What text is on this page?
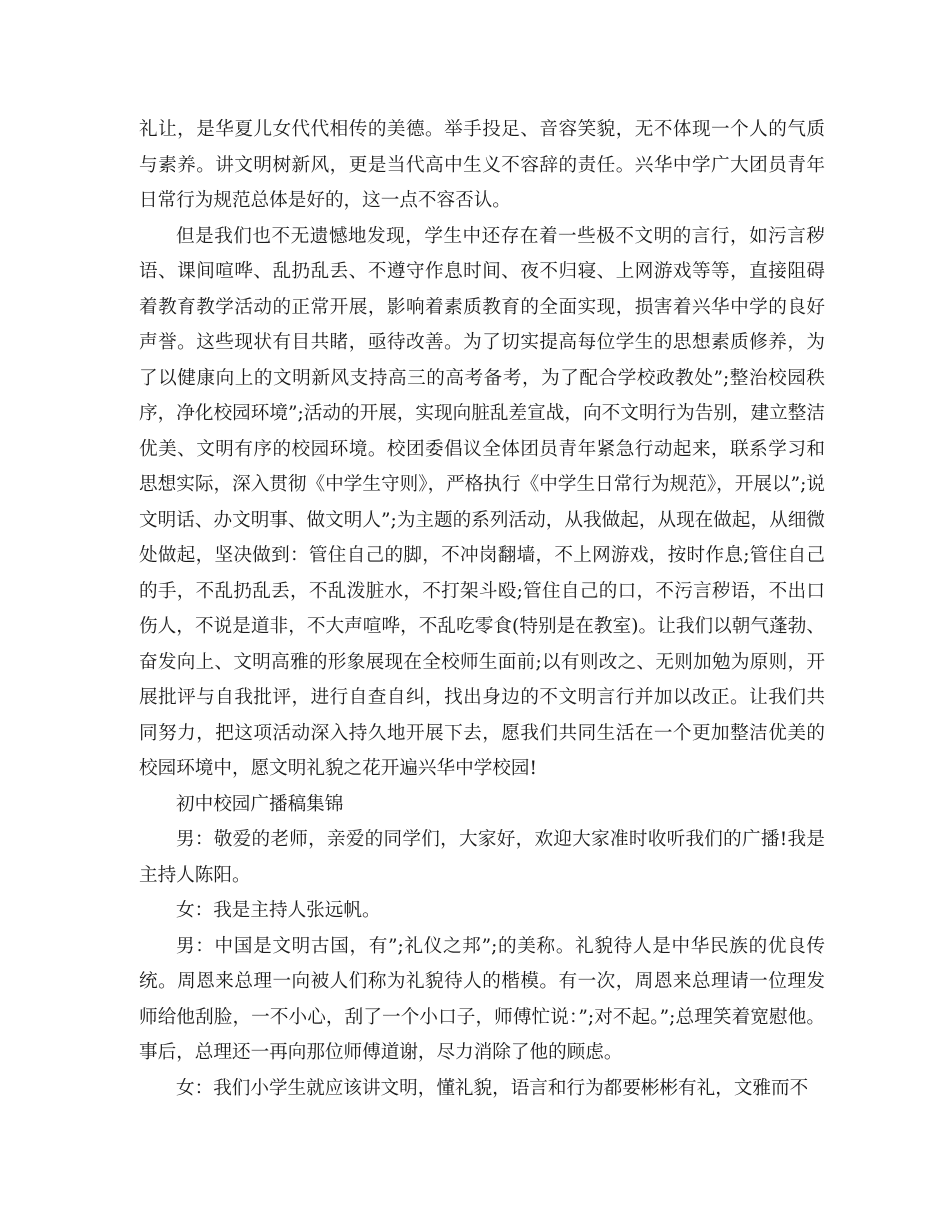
礼让，是华夏儿女代代相传的美德。举手投足、音容笑貌，无不体现一个人的气质与素养。讲文明树新风，更是当代高中生义不容辞的责任。兴华中学广大团员青年日常行为规范总体是好的，这一点不容否认。

但是我们也不无遗憾地发现，学生中还存在着一些极不文明的言行，如污言秽语、课间喧哗、乱扔乱丢、不遵守作息时间、夜不归寝、上网游戏等等，直接阻碍着教育教学活动的正常开展，影响着素质教育的全面实现，损害着兴华中学的良好声誉。这些现状有目共睹，亟待改善。为了切实提高每位学生的思想素质修养，为了以健康向上的文明新风支持高三的高考备考，为了配合学校政教处”;整治校园秩序，净化校园环境”;活动的开展，实现向脏乱差宣战，向不文明行为告别，建立整洁优美、文明有序的校园环境。校团委倡议全体团员青年紧急行动起来，联系学习和思想实际，深入贯彻《中学生守则》，严格执行《中学生日常行为规范》，开展以”;说文明话、办文明事、做文明人”;为主题的系列活动，从我做起，从现在做起，从细微处做起，坚决做到：管住自己的脚，不冲岗翻墙，不上网游戏，按时作息;管住自己的手，不乱扔乱丢，不乱泼脏水，不打架斗殴;管住自己的口，不污言秽语，不出口伤人，不说是道非，不大声喧哗，不乱吃零食(特别是在教室)。让我们以朝气蓬勃、奋发向上、文明高雅的形象展现在全校师生面前;以有则改之、无则加勉为原则，开展批评与自我批评，进行自查自纠，找出身边的不文明言行并加以改正。让我们共同努力，把这项活动深入持久地开展下去，愿我们共同生活在一个更加整洁优美的校园环境中，愿文明礼貌之花开遍兴华中学校园!

初中校园广播稿集锦

男：敬爱的老师，亲爱的同学们，大家好，欢迎大家准时收听我们的广播!我是主持人陈阳。

女：我是主持人张远帆。

男：中国是文明古国，有”;礼仪之邦”;的美称。礼貌待人是中华民族的优良传统。周恩来总理一向被人们称为礼貌待人的楷模。有一次，周恩来总理请一位理发师给他刮脸，一不小心，刮了一个小口子，师傅忙说：”;对不起。”;总理笑着宽慰他。事后，总理还一再向那位师傅道谢，尽力消除了他的顾虑。

女：我们小学生就应该讲文明，懂礼貌，语言和行为都要彬彬有礼，文雅而不
